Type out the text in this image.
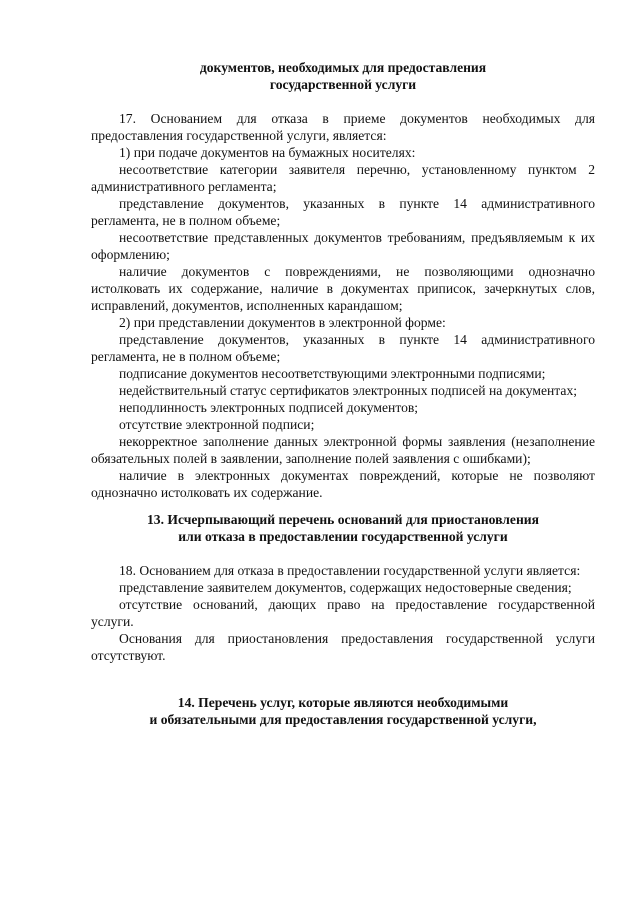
документов, необходимых для предоставления

государственной услуги

17. Основанием для отказа в приеме документов необходимых для предоставления государственной услуги, является:

1) при подаче документов на бумажных носителях:

несоответствие категории заявителя перечню, установленному пунктом 2 административного регламента;

представление документов, указанных в пункте 14 административного регламента, не в полном объеме;

несоответствие представленных документов требованиям, предъявляемым к их оформлению;

наличие документов с повреждениями, не позволяющими однозначно истолковать их содержание, наличие в документах приписок, зачеркнутых слов, исправлений, документов, исполненных карандашом;

2) при представлении документов в электронной форме:

представление документов, указанных в пункте 14 административного регламента, не в полном объеме;

подписание документов несоответствующими электронными подписями;

недействительный статус сертификатов электронных подписей на документах;

неподлинность электронных подписей документов;

отсутствие электронной подписи;

некорректное заполнение данных электронной формы заявления (незаполнение обязательных полей в заявлении, заполнение полей заявления с ошибками);

наличие в электронных документах повреждений, которые не позволяют однозначно истолковать их содержание.

13. Исчерпывающий перечень оснований для приостановления

или отказа в предоставлении государственной услуги

18. Основанием для отказа в предоставлении государственной услуги является:

представление заявителем документов, содержащих недостоверные сведения;

отсутствие оснований, дающих право на предоставление государственной услуги.

Основания для приостановления предоставления государственной услуги отсутствуют.

14. Перечень услуг, которые являются необходимыми

и обязательными для предоставления государственной услуги,
